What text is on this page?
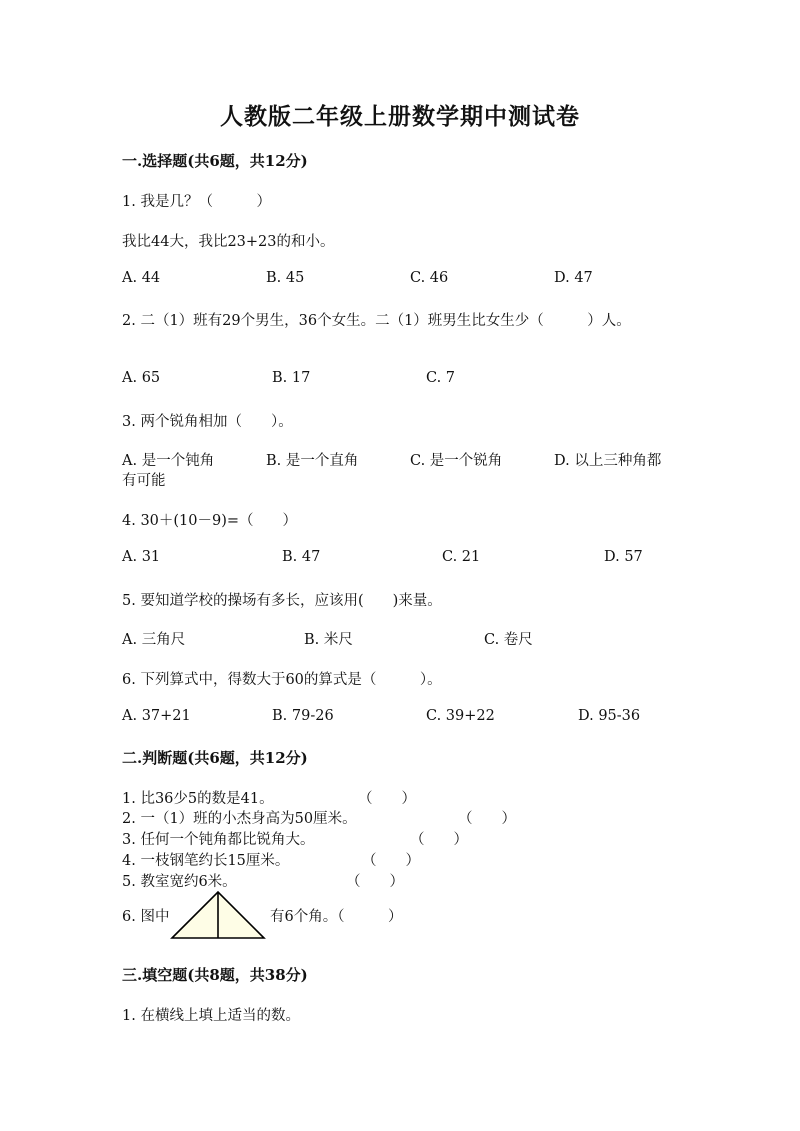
人教版二年级上册数学期中测试卷
一.选择题(共6题，共12分)
1. 我是几？（　　　）
我比44大，我比23+23的和小。
A. 44	B. 45	C. 46	D. 47
2. 二（1）班有29个男生，36个女生。二（1）班男生比女生少（　　　）人。
A. 65	B. 17	C. 7
3. 两个锐角相加（　　）。
A. 是一个钝角	B. 是一个直角	C. 是一个锐角	D. 以上三种角都
有可能
4. 30＋(10－9)=（　　）
A. 31	B. 47	C. 21	D. 57
5. 要知道学校的操场有多长，应该用(　　)来量。
A. 三角尺	B. 米尺	C. 卷尺
6. 下列算式中，得数大于60的算式是（　　　）。
A. 37+21	B. 79-26	C. 39+22	D. 95-36
二.判断题(共6题，共12分)
1. 比36少5的数是41。	（　　）
2. 一（1）班的小杰身高为50厘米。	（　　）
3. 任何一个钝角都比锐角大。	（　　）
4. 一枝钢笔约长15厘米。	（　　）
5. 教室宽约6米。	（　　）
6. 图中	有6个角。（　　　）
三.填空题(共8题，共38分)
1. 在横线上填上适当的数。
